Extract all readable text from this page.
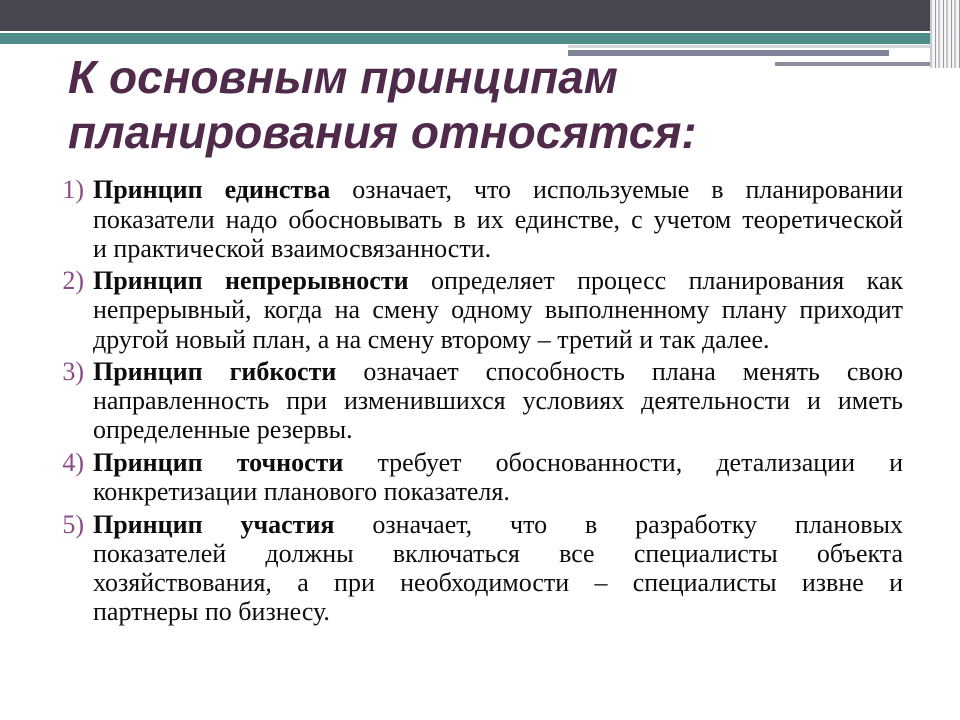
К основным принципам планирования относятся:
1) Принцип единства означает, что используемые в планировании
показатели надо обосновывать в их единстве, с учетом теоретической
и практической взаимосвязанности.
2) Принцип непрерывности определяет процесс планирования как
непрерывный, когда на смену одному выполненному плану приходит
другой новый план, а на смену второму – третий и так далее.
3) Принцип гибкости означает способность плана менять свою
направленность при изменившихся условиях деятельности и иметь
определенные резервы.
4) Принцип точности требует обоснованности, детализации и
конкретизации планового показателя.
5) Принцип участия означает, что в разработку плановых
показателей должны включаться все специалисты объекта
хозяйствования, а при необходимости – специалисты извне и
партнеры по бизнесу.
